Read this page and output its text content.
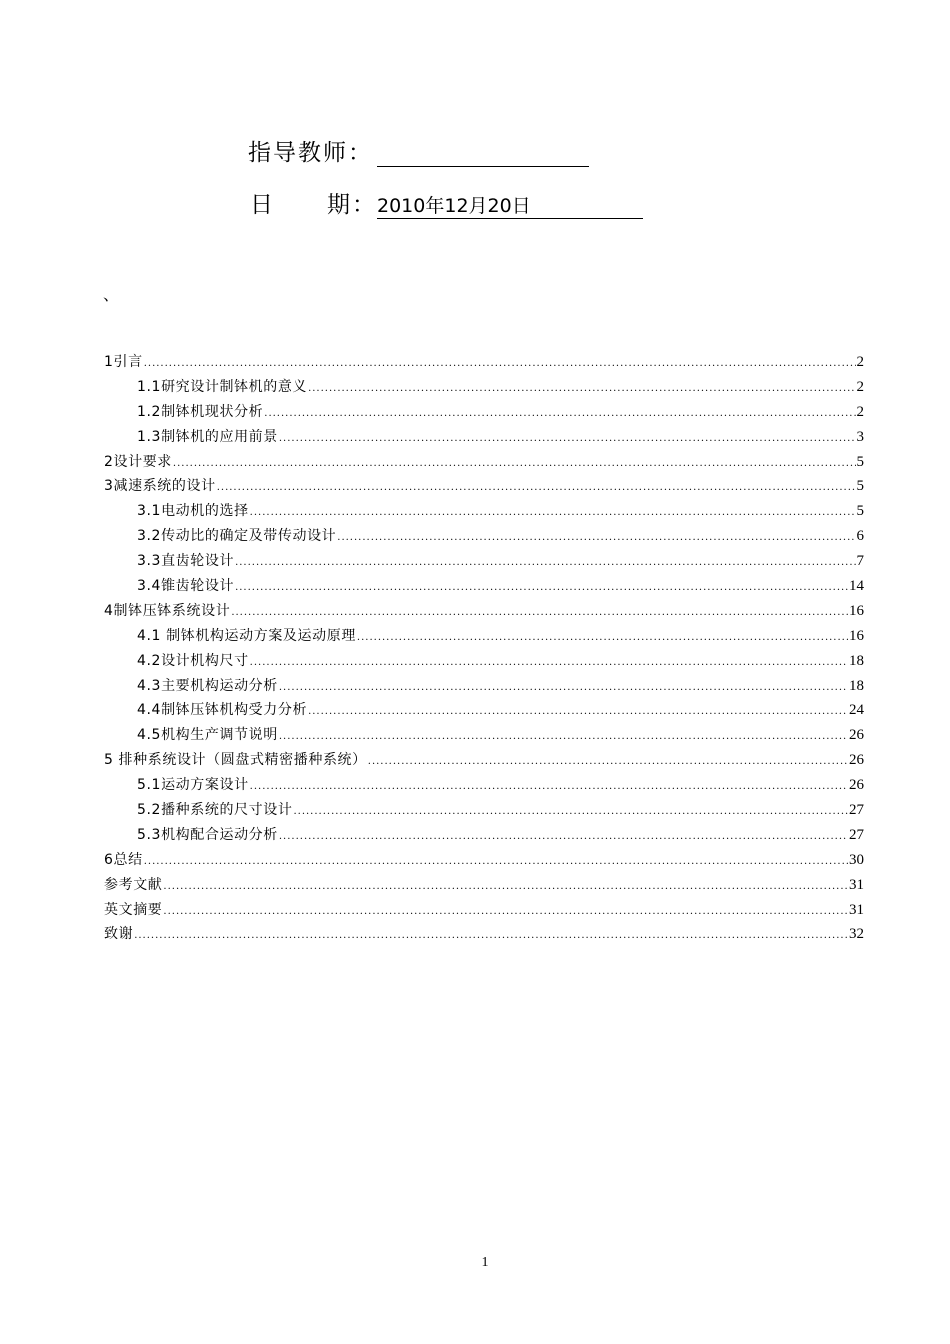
指导教师：
日 期：2010年12月20日
、
1引言 .....	2
1.1研究设计制钵机的意义 .....	2
1.2制钵机现状分析 .....	2
1.3制钵机的应用前景 .....	3
2设计要求 .....	5
3减速系统的设计 .....	5
3.1电动机的选择 .....	5
3.2传动比的确定及带传动设计 .....	6
3.3直齿轮设计 .....	7
3.4锥齿轮设计 .....	14
4制钵压钵系统设计 .....	16
4.1 制钵机构运动方案及运动原理 .....	16
4.2设计机构尺寸 .....	18
4.3主要机构运动分析 .....	18
4.4制钵压钵机构受力分析 .....	24
4.5机构生产调节说明 .....	26
5 排种系统设计（圆盘式精密播种系统） .....	26
5.1运动方案设计 .....	26
5.2播种系统的尺寸设计 .....	27
5.3机构配合运动分析 .....	27
6总结 .....	30
参考文献 .....	31
英文摘要 .....	31
致谢 .....	32
1
